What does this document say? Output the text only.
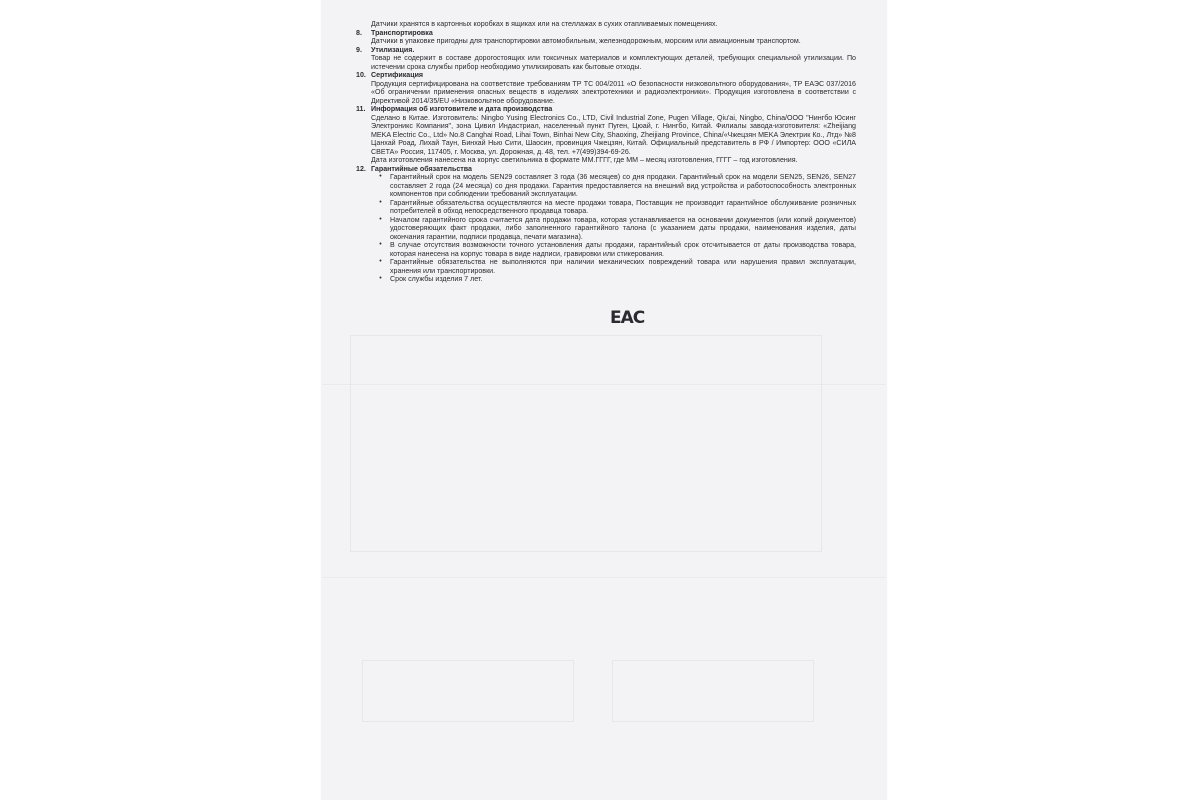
Датчики хранятся в картонных коробках в ящиках или на стеллажах в сухих отапливаемых помещениях.
8.	Транспортировка

Датчики в упаковке пригодны для транспортировки автомобильным, железнодорожным, морским или авиационным транспортом.

9.	Утилизация.

Товар не содержит в составе дорогостоящих или токсичных материалов и комплектующих деталей, требующих специальной утилизации. По истечении срока службы прибор необходимо утилизировать как бытовые отходы.

10. Сертификация

Продукция сертифицирована на соответствие требованиям ТР ТС 004/2011 «О безопасности низковольтного оборудования», ТР ЕАЭС 037/2016 «Об ограничении применения опасных веществ в изделиях электротехники и радиоэлектроники». Продукция изготовлена в соответствии с Директивой 2014/35/EU «Низковольтное оборудование.

11. Информация об изготовителе и дата производства

Сделано в Китае. Изготовитель: Ningbo Yusing Electronics Co., LTD, Civil Industrial Zone, Pugen Village, Qiu'ai, Ningbo, China/ООО "Нингбо Юсинг Электроникс Компания", зона Цивил Индастриал, населенный пункт Пуген, Цюай, г. Нингбо, Китай. Филиалы завода-изготовителя: «Zheijiang MEKA Electric Co., Ltd» No.8 Canghai Road, Lihai Town, Binhai New City, Shaoxing, Zheijiang Province, China/«Чжецзян MEKA Электрик Ко., Лтд» №8 Цанхай Роад, Лихай Таун, Бинхай Нью Сити, Шаосин, провинция Чжецзян, Китай. Официальный представитель в РФ / Импортер: ООО «СИЛА СВЕТА» Россия, 117405, г. Москва, ул. Дорожная, д. 48, тел. +7(499)394-69-26.

Дата изготовления нанесена на корпус светильника в формате ММ.ГГГГ, где ММ – месяц изготовления, ГГГГ – год изготовления.

12. Гарантийные обязательства
•	Гарантийный срок на модель SEN29 составляет 3 года (36 месяцев) со дня продажи. Гарантийный срок на модели SEN25, SEN26, SEN27 составляет 2 года (24 месяца) со дня продажи. Гарантия предоставляется на внешний вид устройства и работоспособность электронных компонентов при соблюдении требований эксплуатации.
•	Гарантийные обязательства осуществляются на месте продажи товара, Поставщик не производит гарантийное обслуживание розничных потребителей в обход непосредственного продавца товара.
•	Началом гарантийного срока считается дата продажи товара, которая устанавливается на основании документов (или копий документов) удостоверяющих факт продажи, либо заполненного гарантийного талона (с указанием даты продажи, наименования изделия, даты окончания гарантии, подписи продавца, печати магазина).
•	В случае отсутствия возможности точного установления даты продажи, гарантийный срок отсчитывается от даты производства товара, которая нанесена на корпус товара в виде надписи, гравировки или стикерования.
•	Гарантийные обязательства не выполняются при наличии механических повреждений товара или нарушения правил эксплуатации, хранения или транспортировки.
•	Срок службы изделия 7 лет.
EAC
